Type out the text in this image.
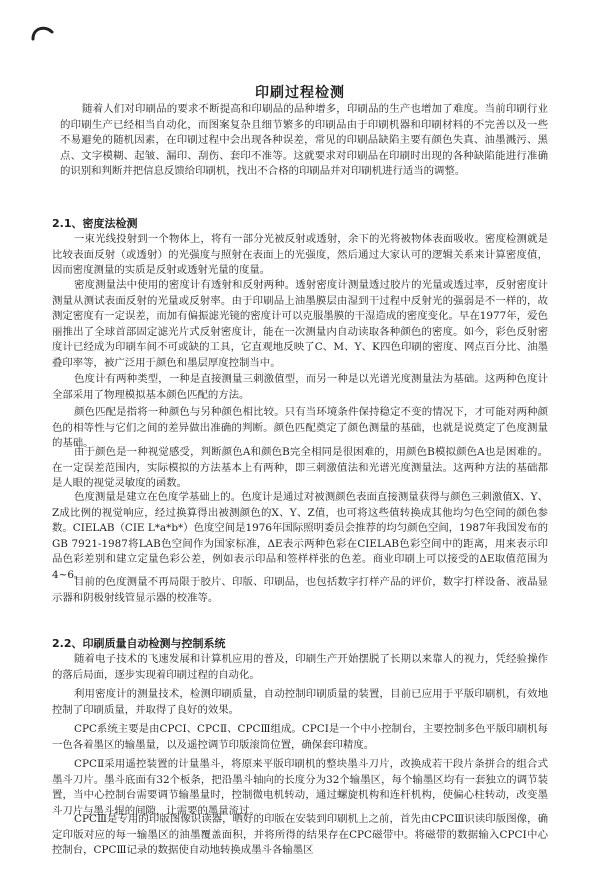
印刷过程检测

随着人们对印刷品的要求不断提高和印刷品的品种增多，印刷品的生产也增加了难度。当前印刷行业的印刷生产已经相当自动化，而图案复杂且细节繁多的印刷品由于印刷机器和印刷材料的不完善以及一些不易避免的随机因素，在印刷过程中会出现各种误差，常见的印刷品缺陷主要有颜色失真、油墨溅污、黑点、文字模糊、起皱、漏印、刮伤、套印不准等。这就要求对印刷品在印刷时出现的各种缺陷能进行准确的识别和判断并把信息反馈给印刷机，找出不合格的印刷品并对印刷机进行适当的调整。

2.1、密度法检测

一束光线投射到一个物体上，将有一部分光被反射或透射，余下的光将被物体表面吸收。密度检测就是比较表面反射（或透射）的光强度与照射在表面上的光强度，然后通过大家认可的逻辑关系来计算密度值，因而密度测量的实质是反射或透射光量的度量。

密度测量法中使用的密度计有透射和反射两种。透射密度计测量透过胶片的光量或透过率，反射密度计测量从测试表面反射的光量或反射率。由于印刷品上油墨膜层由湿到干过程中反射光的强弱是不一样的，故测定密度有一定误差，而加有偏振滤光镜的密度计可以克服墨膜的干湿造成的密度变化。早在1977年，爱色丽推出了全球首部固定滤光片式反射密度计，能在一次测量内自动读取各种颜色的密度。如今，彩色反射密度计已经成为印刷车间不可或缺的工具，它直观地反映了C、M、Y、K四色印刷的密度、网点百分比、油墨叠印率等，被广泛用于颜色和墨层厚度控制当中。

色度计有两种类型，一种是直接测量三刺激值型，而另一种是以光谱光度测量法为基础。这两种色度计全部采用了物理模拟基本颜色匹配的方法。

颜色匹配是指将一种颜色与另种颜色相比较。只有当环境条件保持稳定不变的情况下，才可能对两种颜色的相等性与它们之间的差异做出准确的判断。颜色匹配奠定了颜色测量的基础，也就是说奠定了色度测量的基础。

由于颜色是一种视觉感受，判断颜色A和颜色B完全相同是很困难的，用颜色B模拟颜色A也是困难的。在一定误差范围内，实际模拟的方法基本上有两种，即三刺激值法和光谱光度测量法。这两种方法的基础都是人眼的视觉灵敏度的函数。

色度测量是建立在色度学基础上的。色度计是通过对被测颜色表面直接测量获得与颜色三刺激值X、Y、Z成比例的视觉响应，经过换算得出被测颜色的X、Y、Z值，也可将这些值转换成其他均匀色空间的颜色参数。CIELAB（CIE L*a*b*）色度空间是1976年国际照明委员会推荐的均匀颜色空间，1987年我国发布的GB 7921-1987将LAB色空间作为国家标准，ΔE表示两种色彩在CIELAB色彩空间中的距离，用来表示印品色彩差别和建立定量色彩公差，例如表示印品和签样样张的色差。商业印刷上可以接受的ΔE取值范围为4~6。

目前的色度测量不再局限于胶片、印版、印刷品，也包括数字打样产品的评价，数字打样设备、液晶显示器和阴极射线管显示器的校准等。

2.2、印刷质量自动检测与控制系统

随着电子技术的飞速发展和计算机应用的普及，印刷生产开始摆脱了长期以来靠人的视力，凭经验操作的落后局面，逐步实现着印刷过程的自动化。

利用密度计的测量技术，检测印刷质量，自动控制印刷质量的装置，目前已应用于平版印刷机，有效地控制了印刷质量，并取得了良好的效果。

CPC系统主要是由CPCⅠ、CPCⅡ、CPCⅢ组成。CPCⅠ是一个中小控制台，主要控制多色平版印刷机每一色各着墨区的输墨量，以及遥控调节印版滚筒位置，确保套印精度。

CPCⅡ采用遥控装置的计量墨斗，将原来平版印刷机的整块墨斗刀片，改换成若干段片条拼合的组合式墨斗刀片。墨斗底面有32个板条，把沿墨斗轴向的长度分为32个输墨区，每个输墨区均有一套独立的调节装置，当中心控制台需要调节输墨量时，控制微电机转动，通过螺旋机构和连杆机构，使偏心柱转动，改变墨斗刀片与墨斗辊的间隙，让需要的墨量流过。

CPCⅢ是专用的印版图像识读器，晒好的印版在安装到印刷机上之前，首先由CPCⅢ识读印版图像，确定印版对应的每一输墨区的油墨覆盖面积，并将所得的结果存在CPC磁带中。将磁带的数据输入CPCⅠ中心控制台，CPCⅢ记录的数据使自动地转换成墨斗各输墨区
